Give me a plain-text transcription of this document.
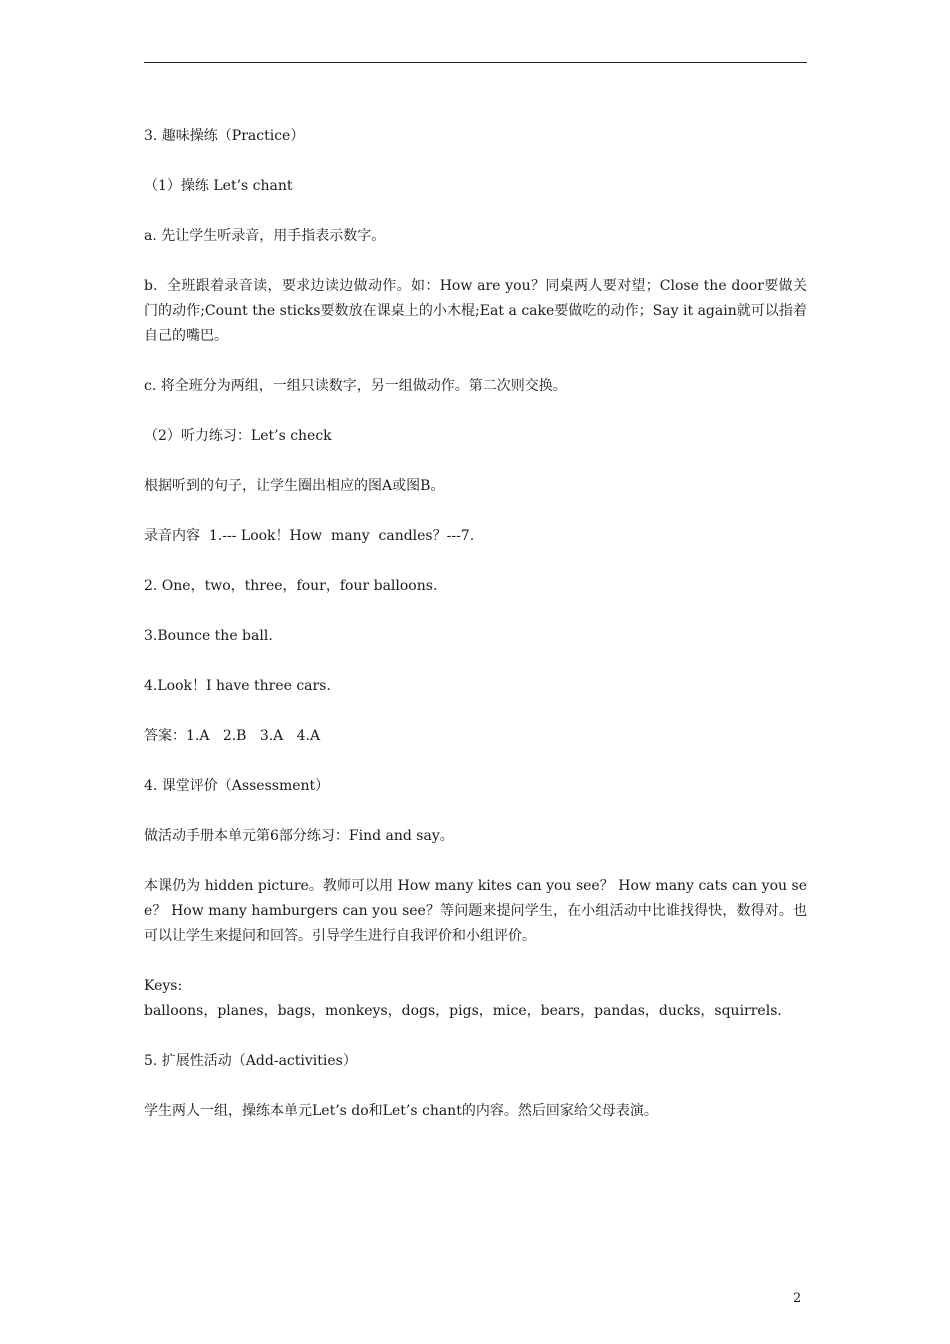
3. 趣味操练（Practice）

（1）操练 Let’s chant

a. 先让学生听录音，用手指表示数字。

b.  全班跟着录音读，要求边读边做动作。如：How are you？同桌两人要对望；Close the door要做关门的动作;Count the sticks要数放在课桌上的小木棍;Eat a cake要做吃的动作；Say it again就可以指着自己的嘴巴。

c. 将全班分为两组，一组只读数字，另一组做动作。第二次则交换。

（2）听力练习：Let’s check

根据听到的句子，让学生圈出相应的图A或图B。

录音内容  1.--- Look！How  many  candles？---7.

2. One，two，three，four，four balloons.

3.Bounce the ball.

4.Look！I have three cars.

答案：1.A   2.B   3.A   4.A

4. 课堂评价（Assessment）

做活动手册本单元第6部分练习：Find and say。

本课仍为 hidden picture。教师可以用 How many kites can you see？ How many cats can you see？ How many hamburgers can you see？等问题来提问学生，在小组活动中比谁找得快，数得对。也可以让学生来提问和回答。引导学生进行自我评价和小组评价。

Keys:

balloons，planes，bags，monkeys，dogs，pigs，mice，bears，pandas，ducks，squirrels.

5. 扩展性活动（Add-activities）

学生两人一组，操练本单元Let’s do和Let’s chant的内容。然后回家给父母表演。

2
